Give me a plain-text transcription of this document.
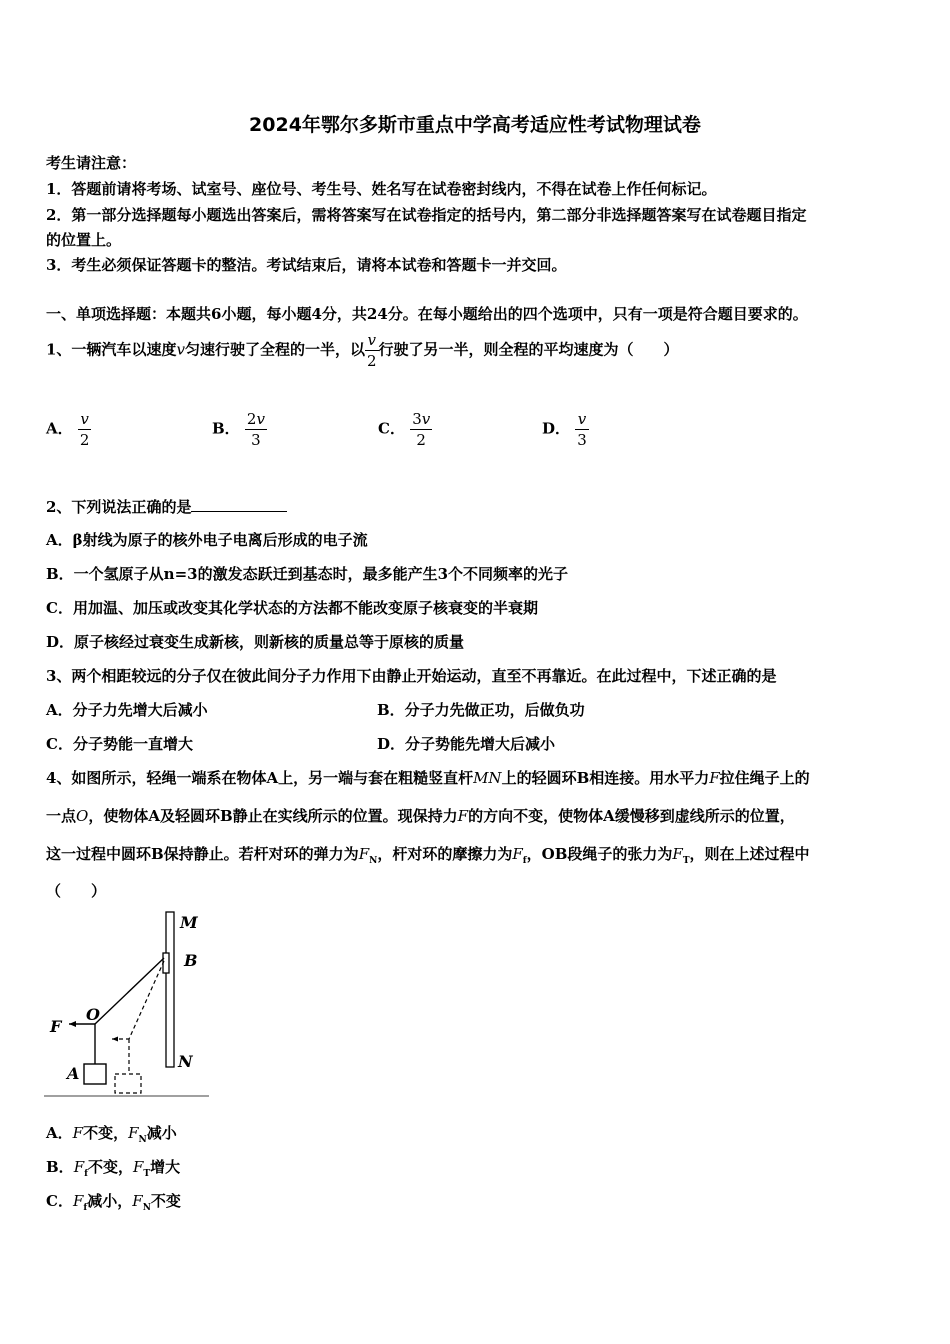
2024年鄂尔多斯市重点中学高考适应性考试物理试卷
考生请注意：
1．答题前请将考场、试室号、座位号、考生号、姓名写在试卷密封线内，不得在试卷上作任何标记。
2．第一部分选择题每小题选出答案后，需将答案写在试卷指定的括号内，第二部分非选择题答案写在试卷题目指定
的位置上。
3．考生必须保证答题卡的整洁。考试结束后，请将本试卷和答题卡一并交回。
一、单项选择题：本题共6小题，每小题4分，共24分。在每小题给出的四个选项中，只有一项是符合题目要求的。
1、一辆汽车以速度v匀速行驶了全程的一半，以 $\frac{v}{2}$ 行驶了另一半，则全程的平均速度为（　　）
A． $\frac{v}{2}$	B． $\frac{2v}{3}$	C． $\frac{3v}{2}$	D． $\frac{v}{3}$
2、下列说法正确的是
A．β射线为原子的核外电子电离后形成的电子流
B．一个氢原子从n=3的激发态跃迁到基态时，最多能产生3个不同频率的光子
C．用加温、加压或改变其化学状态的方法都不能改变原子核衰变的半衰期
D．原子核经过衰变生成新核，则新核的质量总等于原核的质量
3、两个相距较远的分子仅在彼此间分子力作用下由静止开始运动，直至不再靠近。在此过程中，下述正确的是
A．分子力先增大后减小	B．分子力先做正功，后做负功
C．分子势能一直增大	D．分子势能先增大后减小
4、如图所示，轻绳一端系在物体A上，另一端与套在粗糙竖直杆MN上的轻圆环B相连接。用水平力F拉住绳子上的
一点O，使物体A及轻圆环B静止在实线所示的位置。现保持力F的方向不变，使物体A缓慢移到虚线所示的位置，
这一过程中圆环B保持静止。若杆对环的弹力为$F_N$，杆对环的摩擦力为$F_f$，OB段绳子的张力为$F_T$，则在上述过程中
（　　）
M
B
O
F
A
N
A．F不变，$F_N$减小
B．$F_f$不变，$F_T$增大
C．$F_f$减小，$F_N$不变
